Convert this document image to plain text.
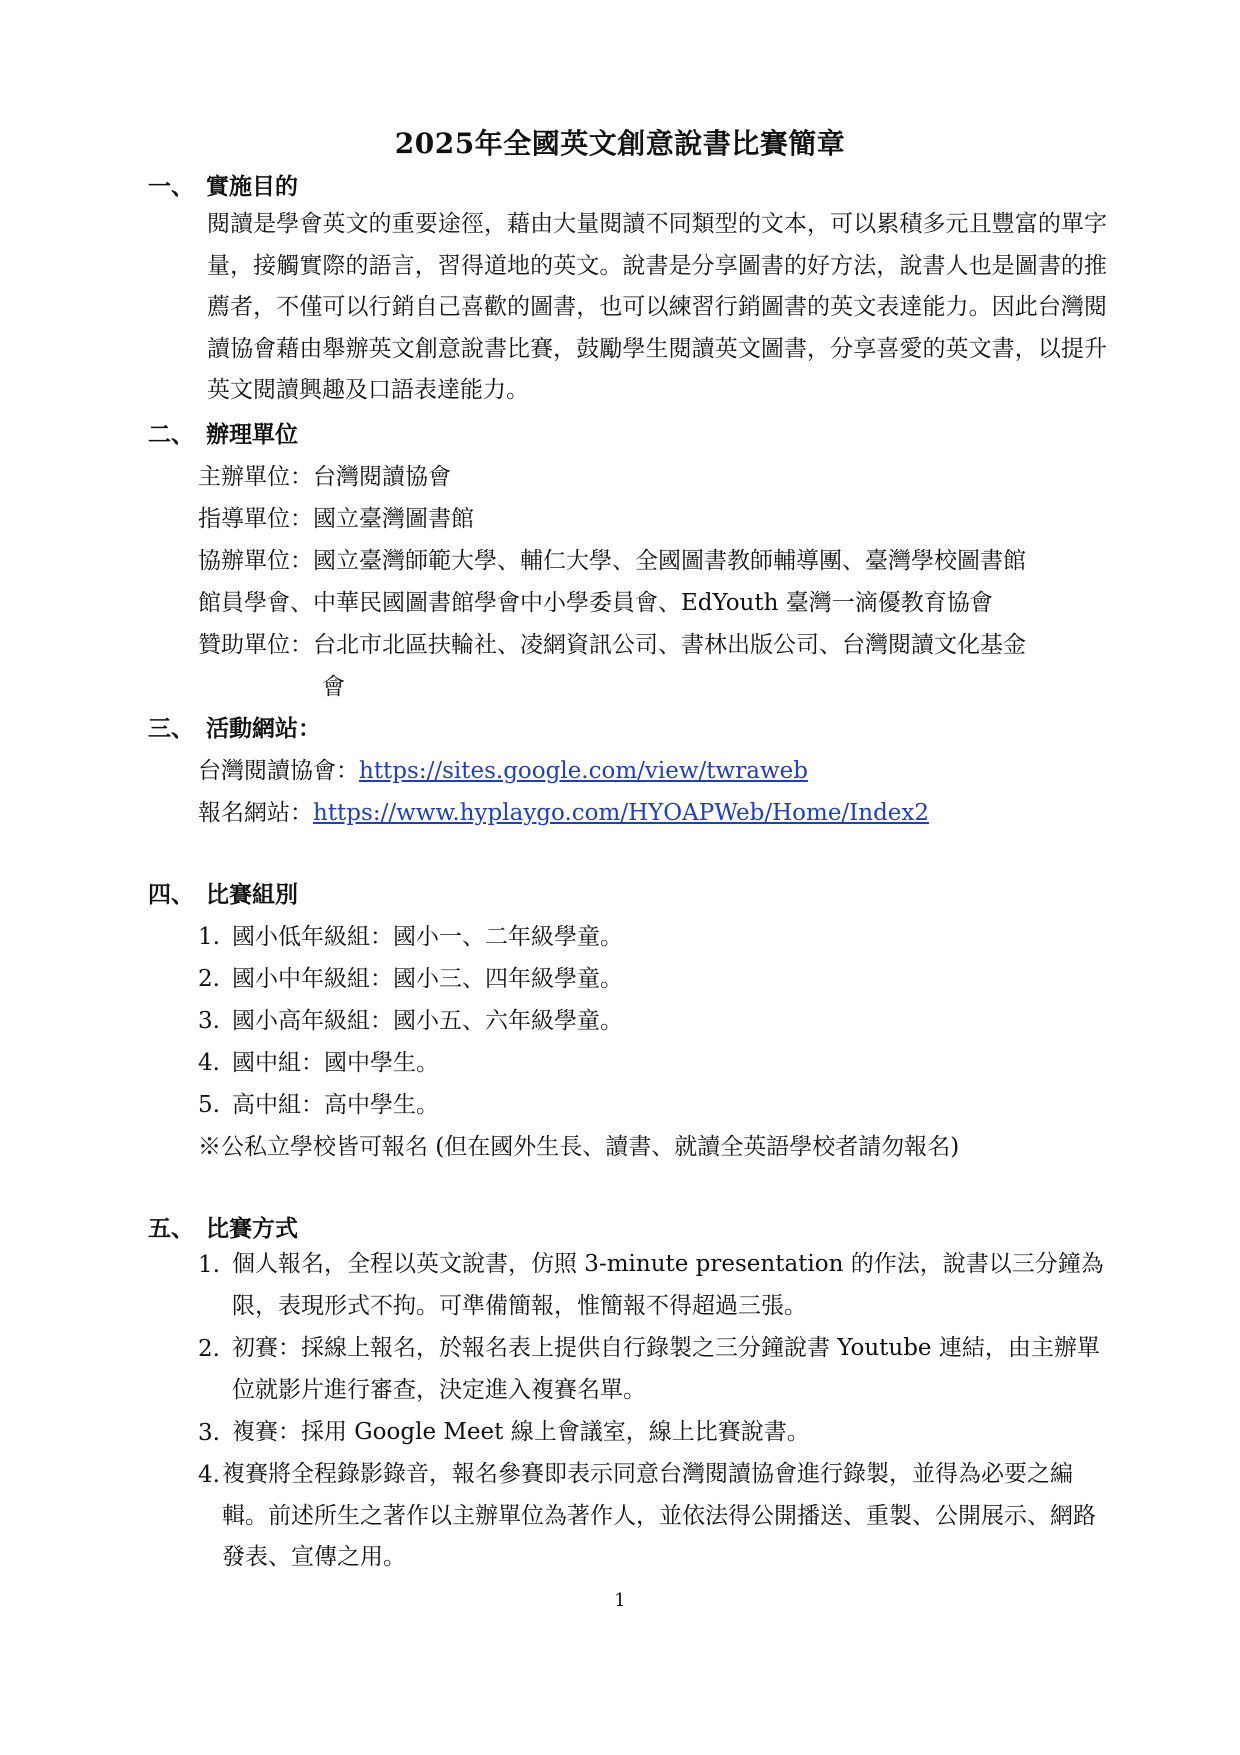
2025年全國英文創意說書比賽簡章
一、 實施目的
閱讀是學會英文的重要途徑，藉由大量閱讀不同類型的文本，可以累積多元且豐富的單字量，接觸實際的語言，習得道地的英文。說書是分享圖書的好方法，說書人也是圖書的推薦者，不僅可以行銷自己喜歡的圖書，也可以練習行銷圖書的英文表達能力。因此台灣閱讀協會藉由舉辦英文創意說書比賽，鼓勵學生閱讀英文圖書，分享喜愛的英文書，以提升英文閱讀興趣及口語表達能力。
二、 辦理單位
主辦單位：台灣閱讀協會
指導單位：國立臺灣圖書館
協辦單位：國立臺灣師範大學、輔仁大學、全國圖書教師輔導團、臺灣學校圖書館
館員學會、中華民國圖書館學會中小學委員會、EdYouth 臺灣一滴優教育協會
贊助單位：台北市北區扶輪社、凌網資訊公司、書林出版公司、台灣閱讀文化基金
會
三、 活動網站：
台灣閱讀協會：https://sites.google.com/view/twraweb
報名網站：https://www.hyplaygo.com/HYOAPWeb/Home/Index2
四、 比賽組別
1. 國小低年級組：國小一、二年級學童。
2. 國小中年級組：國小三、四年級學童。
3. 國小高年級組：國小五、六年級學童。
4. 國中組：國中學生。
5. 高中組：高中學生。
※公私立學校皆可報名 (但在國外生長、讀書、就讀全英語學校者請勿報名)
五、 比賽方式
1. 個人報名，全程以英文說書，仿照 3-minute presentation 的作法，說書以三分鐘為限，表現形式不拘。可準備簡報，惟簡報不得超過三張。
2. 初賽：採線上報名，於報名表上提供自行錄製之三分鐘說書 Youtube 連結，由主辦單位就影片進行審查，決定進入複賽名單。
3. 複賽：採用 Google Meet 線上會議室，線上比賽說書。
4. 複賽將全程錄影錄音，報名參賽即表示同意台灣閱讀協會進行錄製，並得為必要之編輯。前述所生之著作以主辦單位為著作人，並依法得公開播送、重製、公開展示、網路發表、宣傳之用。
1
